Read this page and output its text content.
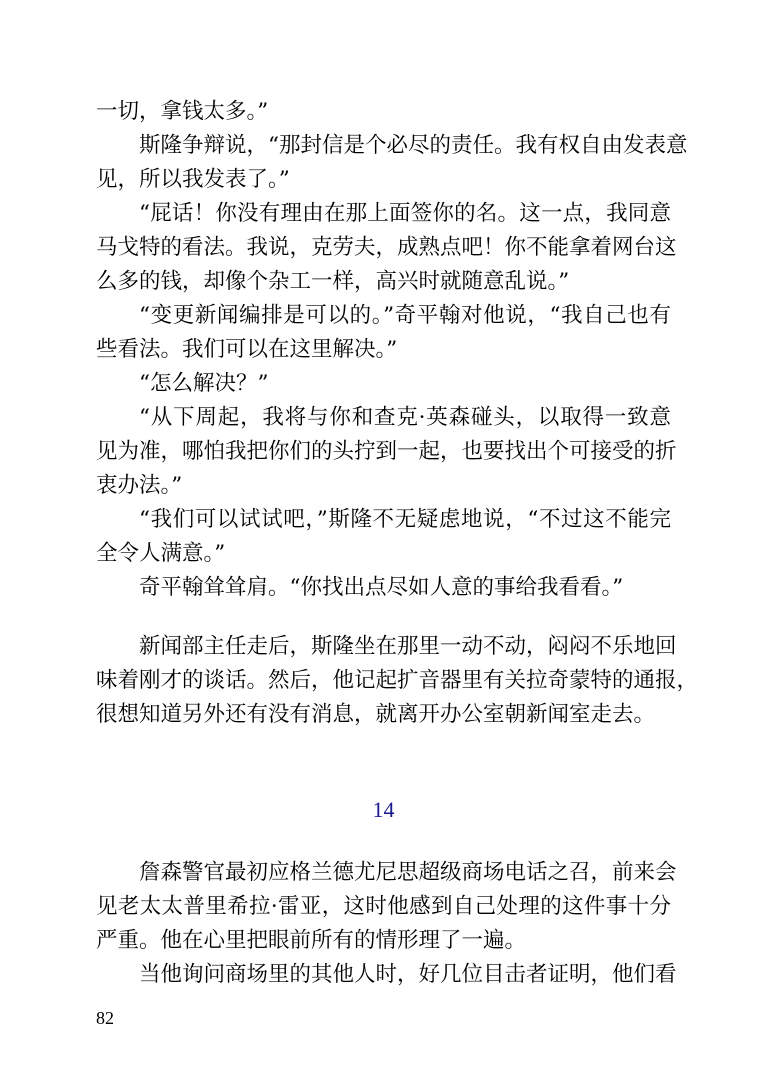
一切，拿钱太多。”
斯隆争辩说，“那封信是个必尽的责任。我有权自由发表意
见，所以我发表了。”
“屁话！你没有理由在那上面签你的名。这一点，我同意
马戈特的看法。我说，克劳夫，成熟点吧！你不能拿着网台这
么多的钱，却像个杂工一样，高兴时就随意乱说。”
“变更新闻编排是可以的。”奇平翰对他说，“我自己也有
些看法。我们可以在这里解决。”
“怎么解决？”
“从下周起，我将与你和查克·英森碰头，以取得一致意
见为准，哪怕我把你们的头拧到一起，也要找出个可接受的折
衷办法。”
“我们可以试试吧，”斯隆不无疑虑地说，“不过这不能完
全令人满意。”
奇平翰耸耸肩。“你找出点尽如人意的事给我看看。”
新闻部主任走后，斯隆坐在那里一动不动，闷闷不乐地回
味着刚才的谈话。然后，他记起扩音器里有关拉奇蒙特的通报，
很想知道另外还有没有消息，就离开办公室朝新闻室走去。
14
詹森警官最初应格兰德尤尼思超级商场电话之召，前来会
见老太太普里希拉·雷亚，这时他感到自己处理的这件事十分
严重。他在心里把眼前所有的情形理了一遍。
当他询问商场里的其他人时，好几位目击者证明，他们看
82
